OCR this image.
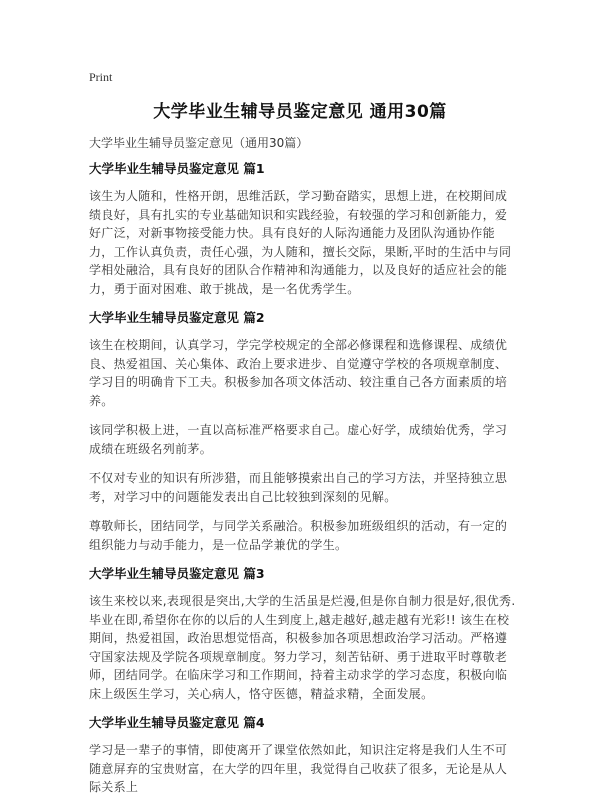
Print
大学毕业生辅导员鉴定意见 通用30篇
大学毕业生辅导员鉴定意见（通用30篇）
大学毕业生辅导员鉴定意见 篇1

该生为人随和，性格开朗，思维活跃，学习勤奋踏实，思想上进，在校期间成绩良好，具有扎实的专业基础知识和实践经验，有较强的学习和创新能力，爱好广泛，对新事物接受能力快。具有良好的人际沟通能力及团队沟通协作能力，工作认真负责，责任心强，为人随和，擅长交际，果断,平时的生活中与同学相处融洽，具有良好的团队合作精神和沟通能力，以及良好的适应社会的能力，勇于面对困难、敢于挑战，是一名优秀学生。

大学毕业生辅导员鉴定意见 篇2

该生在校期间，认真学习，学完学校规定的全部必修课程和选修课程、成绩优良、热爱祖国、关心集体、政治上要求进步、自觉遵守学校的各项规章制度、学习目的明确肯下工夫。积极参加各项文体活动、较注重自己各方面素质的培养。

该同学积极上进，一直以高标准严格要求自己。虚心好学，成绩始优秀，学习成绩在班级名列前茅。

不仅对专业的知识有所涉猎，而且能够摸索出自己的学习方法，并坚持独立思考，对学习中的问题能发表出自己比较独到深刻的见解。

尊敬师长，团结同学，与同学关系融洽。积极参加班级组织的活动，有一定的组织能力与动手能力，是一位品学兼优的学生。

大学毕业生辅导员鉴定意见 篇3

该生来校以来,表现很是突出,大学的生活虽是烂漫,但是你自制力很是好,很优秀.毕业在即,希望你在你的以后的人生到度上,越走越好,越走越有光彩!! 该生在校期间，热爱祖国，政治思想觉悟高，积极参加各项思想政治学习活动。严格遵守国家法规及学院各项规章制度。努力学习，刻苦钻研、勇于进取平时尊敬老师，团结同学。在临床学习和工作期间，持着主动求学的学习态度，积极向临床上级医生学习，关心病人，恪守医德，精益求精，全面发展。

大学毕业生辅导员鉴定意见 篇4

学习是一辈子的事情，即使离开了课堂依然如此，知识注定将是我们人生不可随意屏弃的宝贵财富，在大学的四年里，我觉得自己收获了很多，无论是从人际关系上
